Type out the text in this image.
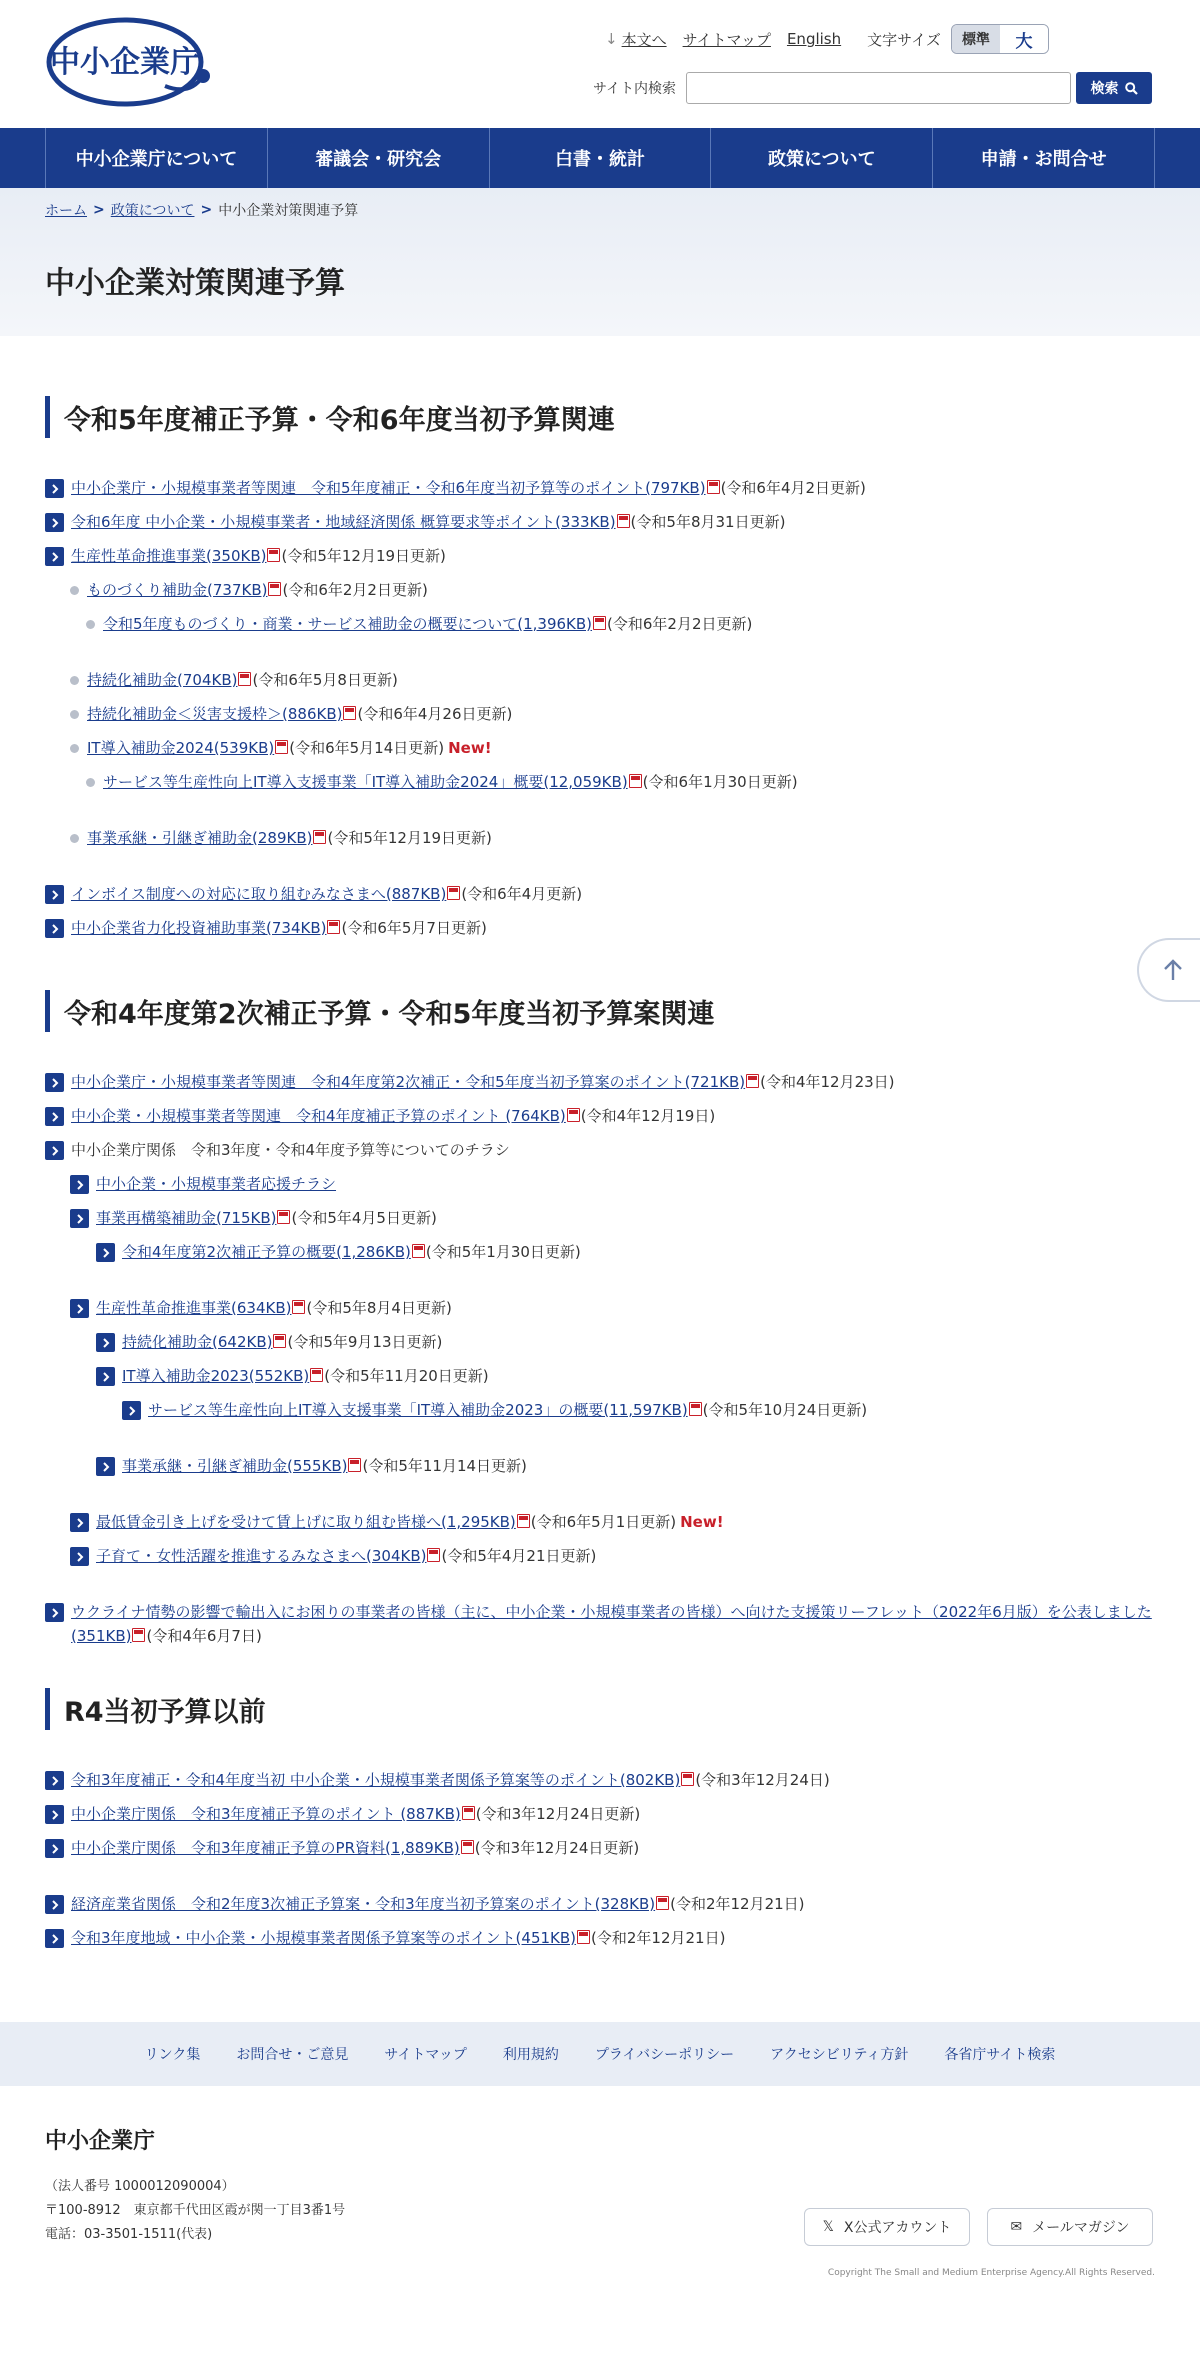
中小企業庁
↓ 本文へ サイトマップ English 文字サイズ	標準	大
サイト内検索	検索
中小企業庁について	審議会・研究会	白書・統計	政策について	申請・お問合せ
ホーム > 政策について > 中小企業対策関連予算
中小企業対策関連予算
令和5年度補正予算・令和6年度当初予算関連
中小企業庁・小規模事業者等関連　令和5年度補正・令和6年度当初予算等のポイント(797KB) (令和6年4月2日更新)
令和6年度 中小企業・小規模事業者・地域経済関係 概算要求等ポイント(333KB) (令和5年8月31日更新)
生産性革命推進事業(350KB) (令和5年12月19日更新)
ものづくり補助金(737KB) (令和6年2月2日更新)
令和5年度ものづくり・商業・サービス補助金の概要について(1,396KB) (令和6年2月2日更新)
持続化補助金(704KB) (令和6年5月8日更新)
持続化補助金＜災害支援枠＞(886KB) (令和6年4月26日更新)
IT導入補助金2024(539KB) (令和6年5月14日更新) New!
サービス等生産性向上IT導入支援事業「IT導入補助金2024」概要(12,059KB) (令和6年1月30日更新)
事業承継・引継ぎ補助金(289KB) (令和5年12月19日更新)
インボイス制度への対応に取り組むみなさまへ(887KB) (令和6年4月更新)
中小企業省力化投資補助事業(734KB) (令和6年5月7日更新)
令和4年度第2次補正予算・令和5年度当初予算案関連
中小企業庁・小規模事業者等関連　令和4年度第2次補正・令和5年度当初予算案のポイント(721KB) (令和4年12月23日)
中小企業・小規模事業者等関連　令和4年度補正予算のポイント (764KB) (令和4年12月19日)
中小企業庁関係　令和3年度・令和4年度予算等についてのチラシ
中小企業・小規模事業者応援チラシ
事業再構築補助金(715KB) (令和5年4月5日更新)
令和4年度第2次補正予算の概要(1,286KB) (令和5年1月30日更新)
生産性革命推進事業(634KB) (令和5年8月4日更新)
持続化補助金(642KB) (令和5年9月13日更新)
IT導入補助金2023(552KB) (令和5年11月20日更新)
サービス等生産性向上IT導入支援事業「IT導入補助金2023」の概要(11,597KB) (令和5年10月24日更新)
事業承継・引継ぎ補助金(555KB) (令和5年11月14日更新)
最低賃金引き上げを受けて賃上げに取り組む皆様へ(1,295KB) (令和6年5月1日更新) New!
子育て・女性活躍を推進するみなさまへ(304KB) (令和5年4月21日更新)
ウクライナ情勢の影響で輸出入にお困りの事業者の皆様（主に、中小企業・小規模事業者の皆様）へ向けた支援策リーフレット（2022年6月版）を公表しました(351KB) (令和4年6月7日)
R4当初予算以前
令和3年度補正・令和4年度当初 中小企業・小規模事業者関係予算案等のポイント(802KB) (令和3年12月24日)
中小企業庁関係　令和3年度補正予算のポイント (887KB) (令和3年12月24日更新)
中小企業庁関係　令和3年度補正予算のPR資料(1,889KB) (令和3年12月24日更新)
経済産業省関係　令和2年度3次補正予算案・令和3年度当初予算案のポイント(328KB) (令和2年12月21日)
令和3年度地域・中小企業・小規模事業者関係予算案等のポイント(451KB) (令和2年12月21日)
リンク集	お問合せ・ご意見	サイトマップ	利用規約	プライバシーポリシー	アクセシビリティ方針	各省庁サイト検索
中小企業庁
（法人番号 1000012090004）
〒100-8912　東京都千代田区霞が関一丁目3番1号
電話：03-3501-1511(代表)	𝕏 X公式アカウント	✉ メールマガジン
Copyright The Small and Medium Enterprise Agency.All Rights Reserved.
